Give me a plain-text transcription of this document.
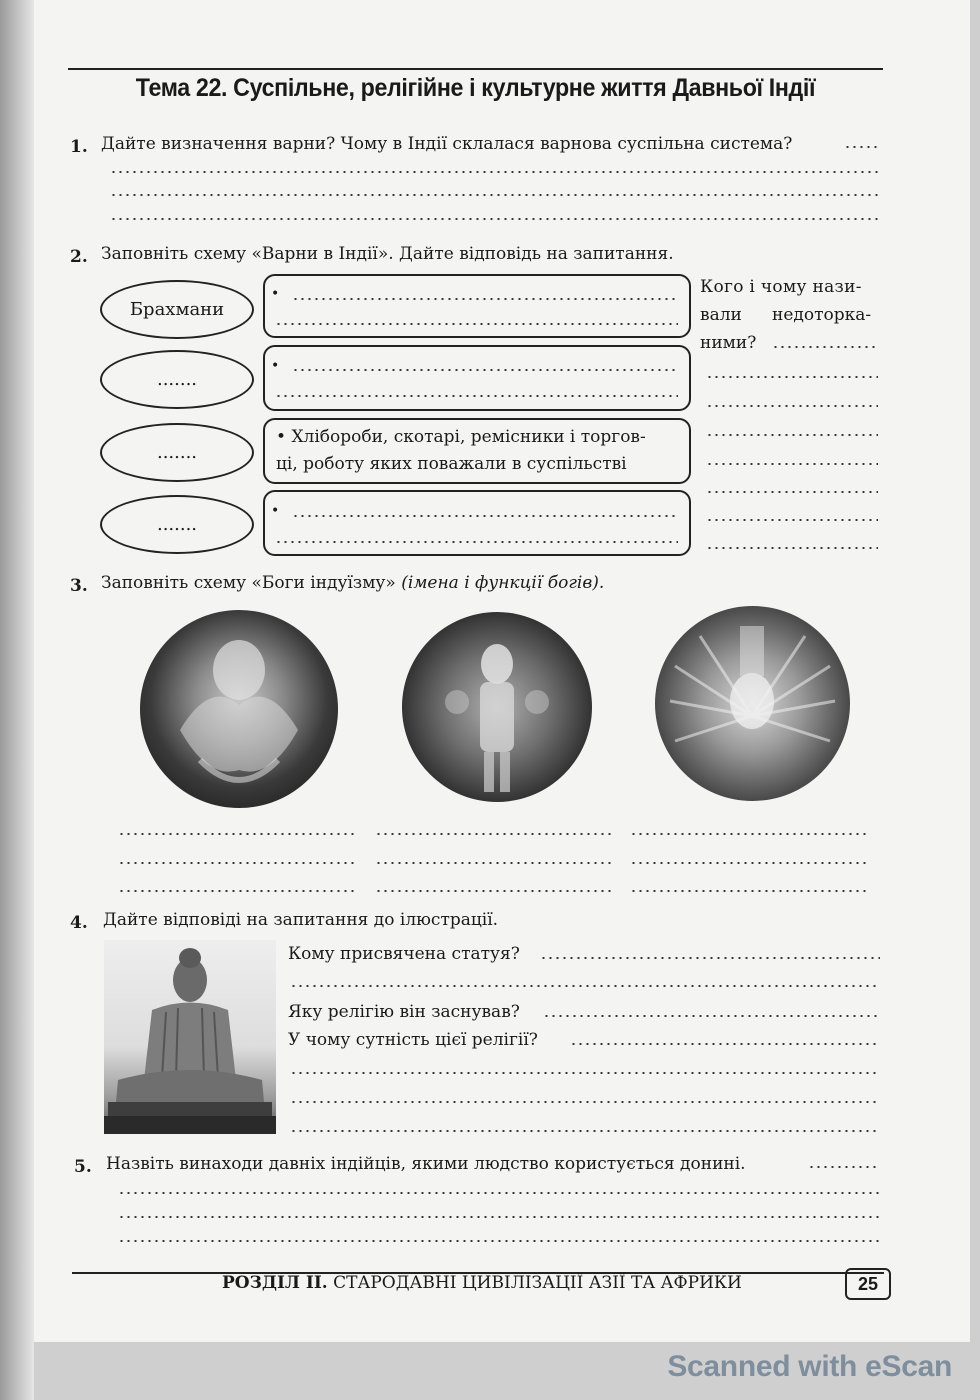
Тема 22. Суспільне, релігійне і культурне життя Давньої Індії
1. Дайте визначення варни? Чому в Індії склалася варнова суспільна система?
2. Заповніть схему «Варни в Індії». Дайте відповідь на запитання.
Брахмани
.......
.......
.......
•
•
• Хлібороби, скотарі, ремісники і торгов-
ці, роботу яких поважали в суспільстві
•
Кого і чому нази-
вали недоторка-
ними?
3. Заповніть схему «Боги індуїзму» (імена і функції богів).
4. Дайте відповіді на запитання до ілюстрації.
Кому присвячена статуя?
Яку релігію він заснував?
У чому сутність цієї релігії?
5. Назвіть винаходи давніх індійців, якими людство користується донині.
РОЗДІЛ ІІ. СТАРОДАВНІ ЦИВІЛІЗАЦІЇ АЗІЇ ТА АФРИКИ	25
Scanned with eScan
